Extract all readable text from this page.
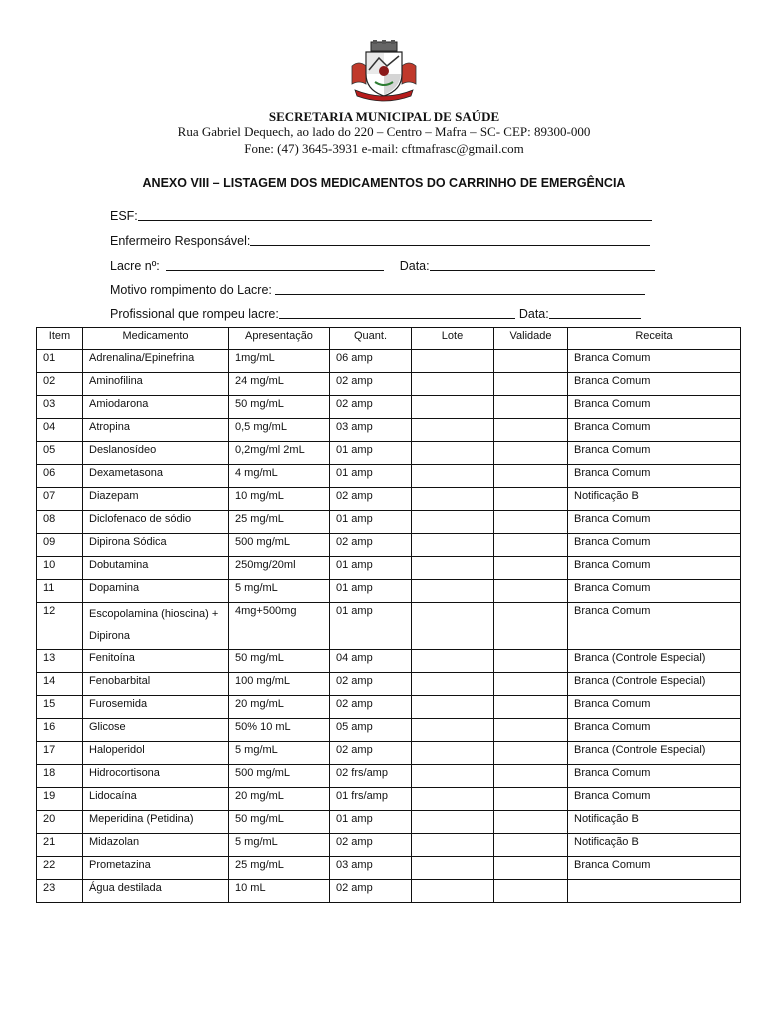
SECRETARIA MUNICIPAL DE SAÚDE
Rua Gabriel Dequech, ao lado do 220 – Centro – Mafra – SC- CEP: 89300-000
Fone: (47) 3645-3931 e-mail: cftmafrasc@gmail.com
ANEXO VIII – LISTAGEM DOS MEDICAMENTOS DO CARRINHO DE EMERGÊNCIA
ESF:
Enfermeiro Responsável:
Lacre nº:	Data:
Motivo rompimento do Lacre:
Profissional que rompeu lacre:	Data:
Item	Medicamento	Apresentação	Quant.	Lote	Validade	Receita
01	Adrenalina/Epinefrina	1mg/mL	06 amp			Branca Comum
02	Aminofilina	24 mg/mL	02 amp			Branca Comum
03	Amiodarona	50 mg/mL	02 amp			Branca Comum
04	Atropina	0,5 mg/mL	03 amp			Branca Comum
05	Deslanosídeo	0,2mg/ml 2mL	01 amp			Branca Comum
06	Dexametasona	4 mg/mL	01 amp			Branca Comum
07	Diazepam	10 mg/mL	02 amp			Notificação B
08	Diclofenaco de sódio	25 mg/mL	01 amp			Branca Comum
09	Dipirona Sódica	500 mg/mL	02 amp			Branca Comum
10	Dobutamina	250mg/20ml	01 amp			Branca Comum
11	Dopamina	5 mg/mL	01 amp			Branca Comum
12	Escopolamina (hioscina) + Dipirona	4mg+500mg	01 amp			Branca Comum
13	Fenitoína	50 mg/mL	04 amp			Branca (Controle Especial)
14	Fenobarbital	100 mg/mL	02 amp			Branca (Controle Especial)
15	Furosemida	20 mg/mL	02 amp			Branca Comum
16	Glicose	50% 10 mL	05 amp			Branca Comum
17	Haloperidol	5 mg/mL	02 amp			Branca (Controle Especial)
18	Hidrocortisona	500 mg/mL	02 frs/amp			Branca Comum
19	Lidocaína	20 mg/mL	01 frs/amp			Branca Comum
20	Meperidina (Petidina)	50 mg/mL	01 amp			Notificação B
21	Midazolan	5 mg/mL	02 amp			Notificação B
22	Prometazina	25 mg/mL	03 amp			Branca Comum
23	Água destilada	10 mL	02 amp			
